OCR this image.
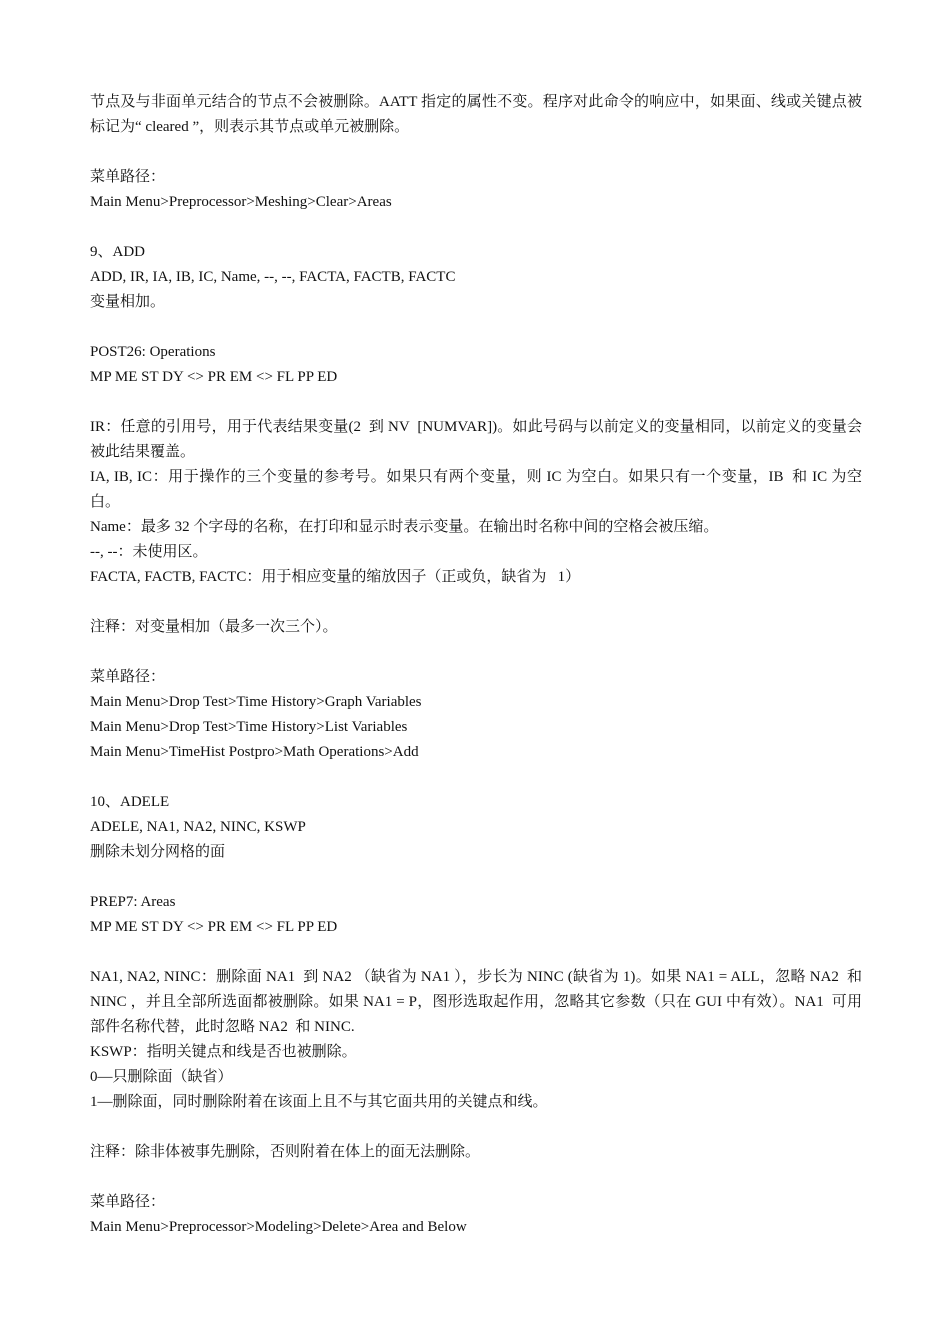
节点及与非面单元结合的节点不会被删除。AATT 指定的属性不变。程序对此命令的响应中，如果面、线或关键点被标记为“ cleared ”，则表示其节点或单元被删除。
菜单路径：
Main Menu>Preprocessor>Meshing>Clear>Areas
9、ADD
ADD, IR, IA, IB, IC, Name, --, --, FACTA, FACTB, FACTC
变量相加。
POST26: Operations
MP ME ST DY <> PR EM <> FL PP ED
IR：任意的引用号，用于代表结果变量(2  到 NV  [NUMVAR])。如此号码与以前定义的变量相同，以前定义的变量会被此结果覆盖。
IA, IB, IC：用于操作的三个变量的参考号。如果只有两个变量，则 IC 为空白。如果只有一个变量，IB  和 IC 为空白。
Name：最多 32 个字母的名称，在打印和显示时表示变量。在输出时名称中间的空格会被压缩。
--, --：未使用区。
FACTA, FACTB, FACTC：用于相应变量的缩放因子（正或负，缺省为   1）
注释：对变量相加（最多一次三个）。
菜单路径：
Main Menu>Drop Test>Time History>Graph Variables
Main Menu>Drop Test>Time History>List Variables
Main Menu>TimeHist Postpro>Math Operations>Add
10、ADELE
ADELE, NA1, NA2, NINC, KSWP
删除未划分网格的面
PREP7: Areas
MP ME ST DY <> PR EM <> FL PP ED
NA1, NA2, NINC：删除面 NA1  到 NA2 （缺省为 NA1 ），步长为 NINC (缺省为 1)。如果 NA1 = ALL，忽略 NA2  和 NINC ，并且全部所选面都被删除。如果 NA1 = P，图形选取起作用，忽略其它参数（只在 GUI 中有效）。NA1  可用部件名称代替，此时忽略 NA2  和 NINC.
KSWP：指明关键点和线是否也被删除。
0—只删除面（缺省）
1—删除面，同时删除附着在该面上且不与其它面共用的关键点和线。
注释：除非体被事先删除，否则附着在体上的面无法删除。
菜单路径：
Main Menu>Preprocessor>Modeling>Delete>Area and Below
